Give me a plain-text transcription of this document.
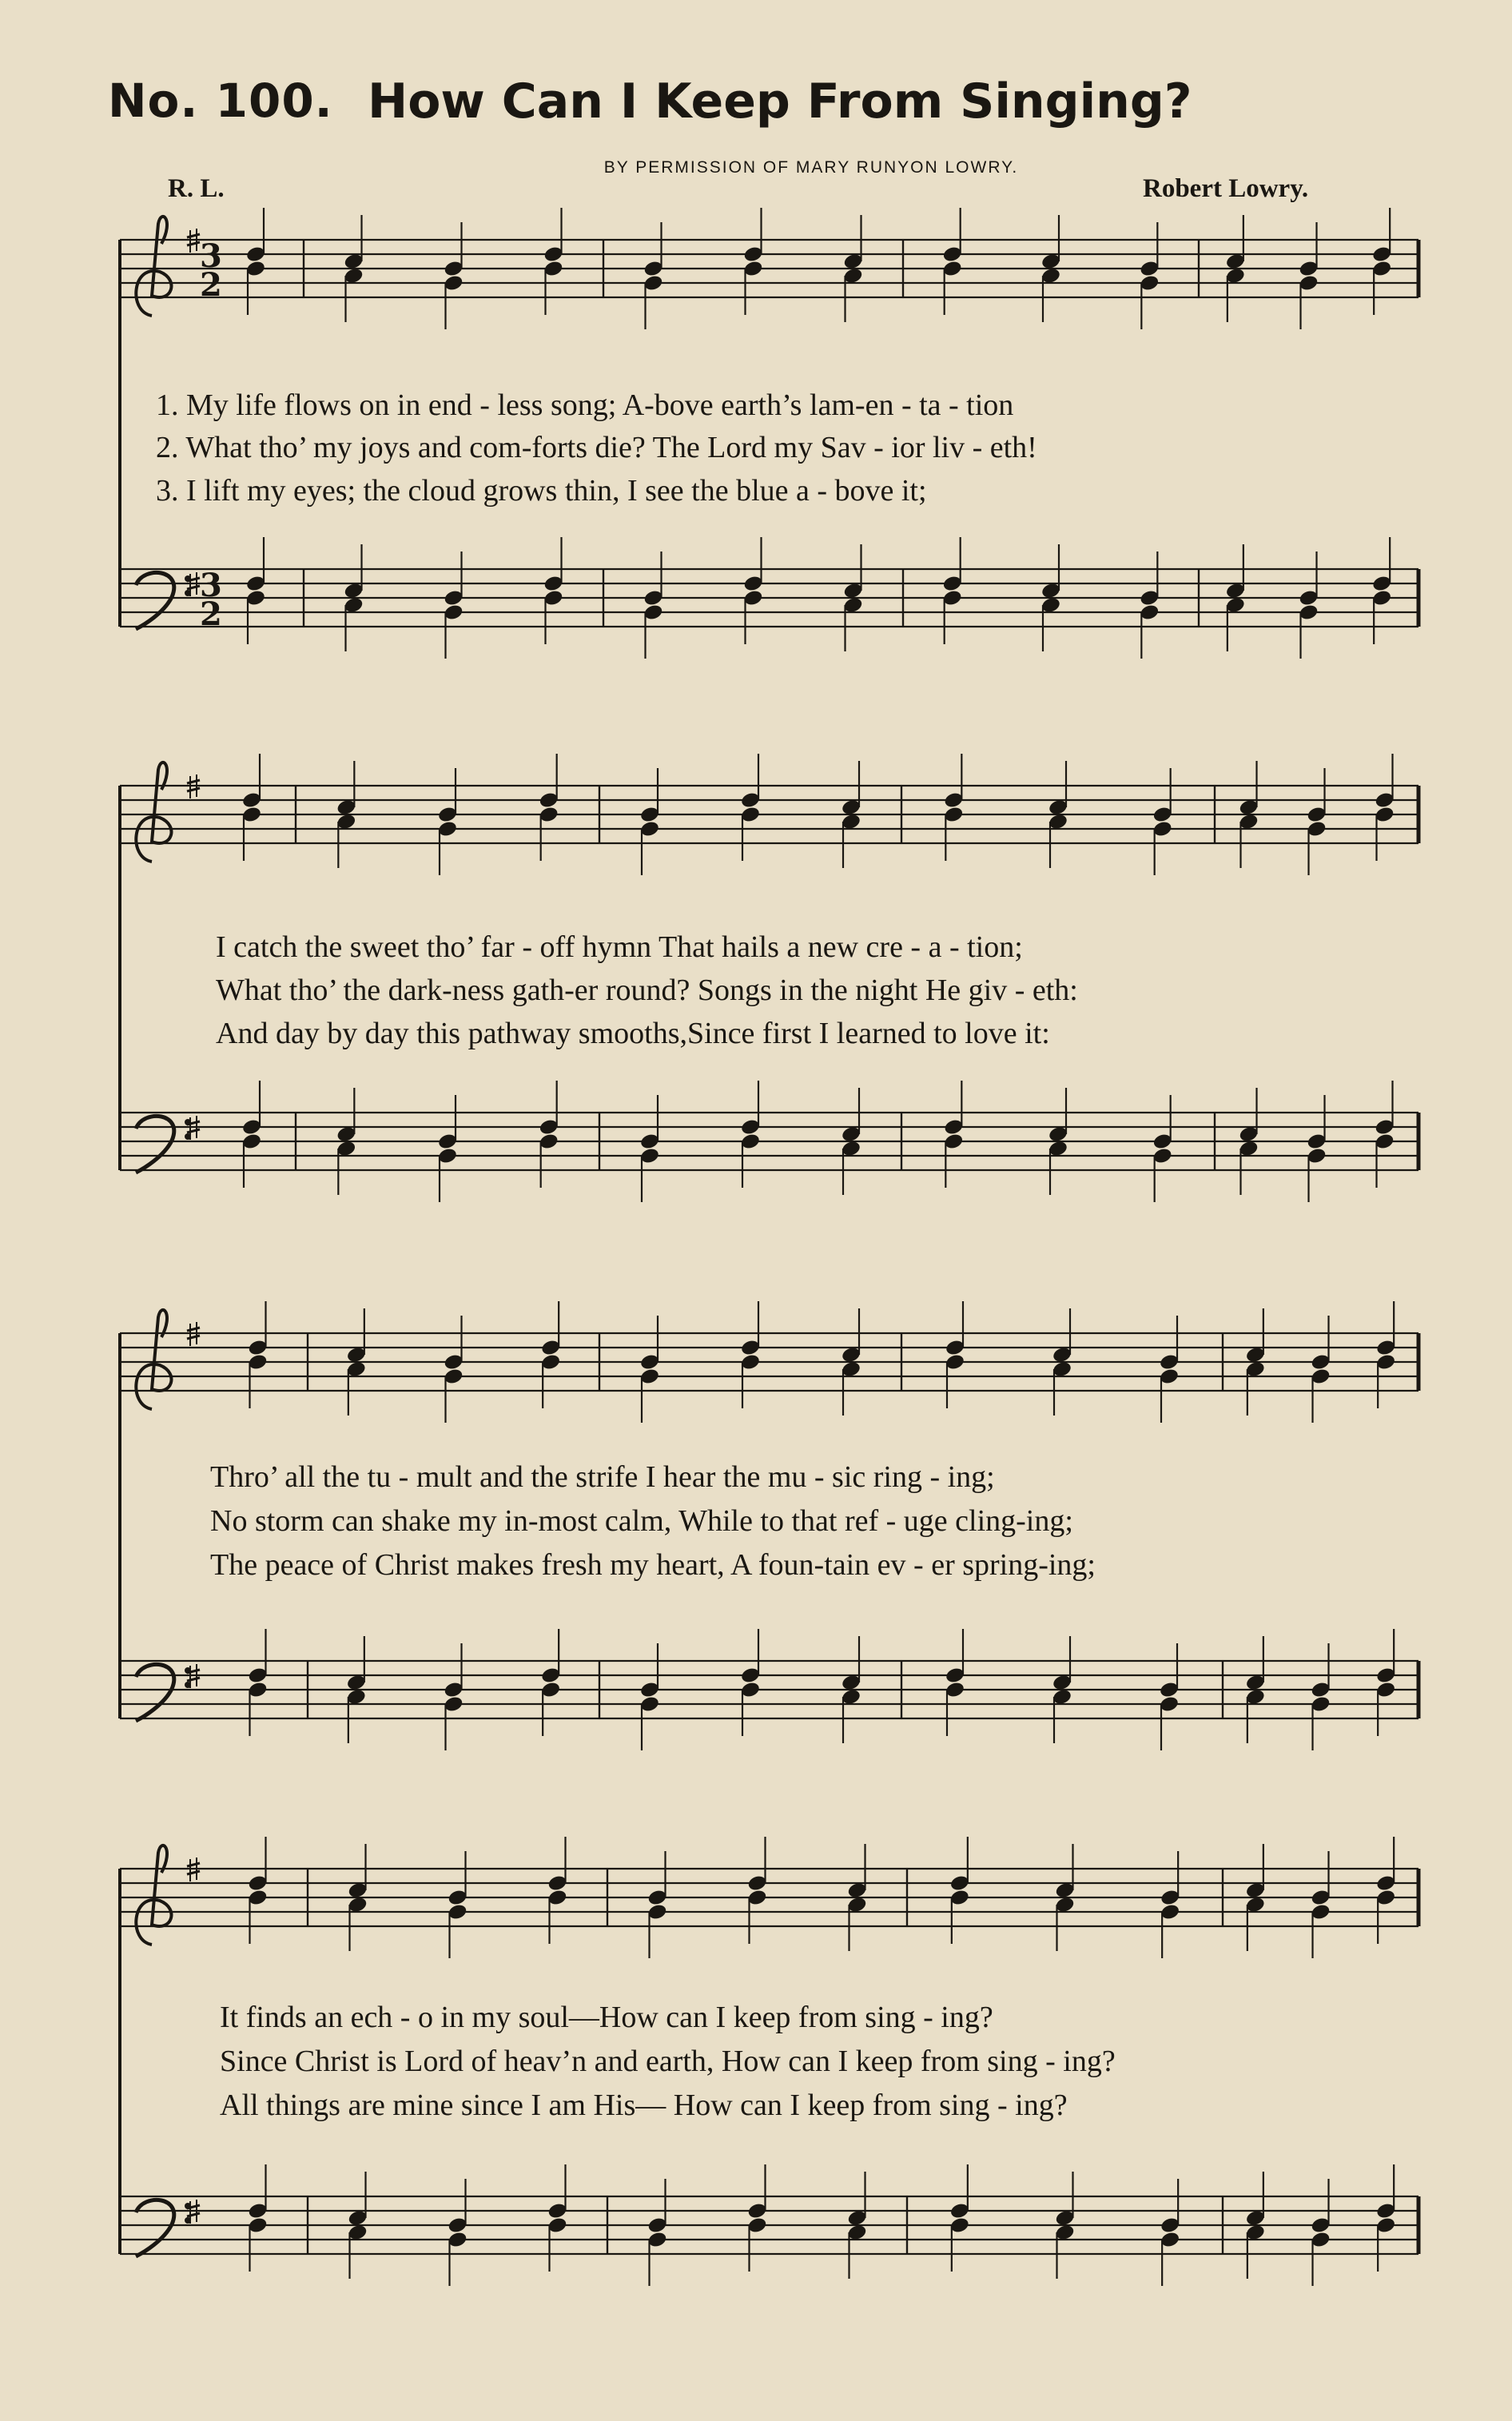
No. 100. How Can I Keep From Singing?
BY PERMISSION OF MARY RUNYON LOWRY.
R. L.	Robert Lowry.
3
2
3
2
1. My life flows on in end - less song; A-bove earth’s lam-en - ta - tion
2. What tho’ my joys and com-forts die? The Lord my Sav - ior liv - eth!
3. I lift my eyes; the cloud grows thin, I see the blue a - bove it;
I catch the sweet tho’ far - off hymn That hails a new cre - a - tion;
What tho’ the dark-ness gath-er round? Songs in the night He giv - eth:
And day by day this pathway smooths,Since first I learned to love it:
Thro’ all the tu - mult and the strife I hear the mu - sic ring - ing;
No storm can shake my in-most calm, While to that ref - uge cling-ing;
The peace of Christ makes fresh my heart, A foun-tain ev - er spring-ing;
It finds an ech - o in my soul—How can I keep from sing - ing?
Since Christ is Lord of heav’n and earth, How can I keep from sing - ing?
All things are mine since I am His— How can I keep from sing - ing?
